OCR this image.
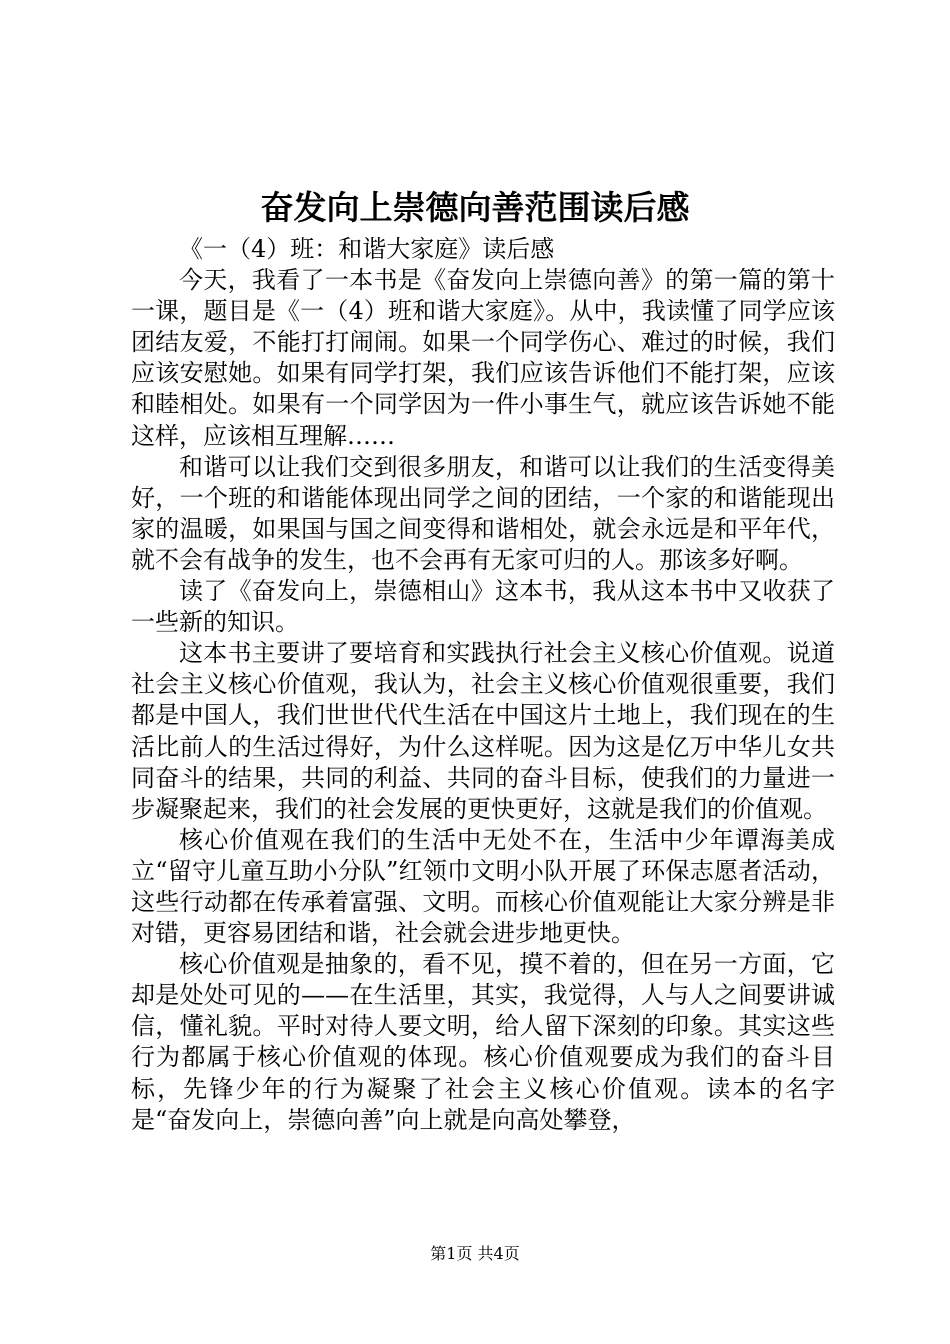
奋发向上崇德向善范围读后感

《一（4）班：和谐大家庭》读后感

今天，我看了一本书是《奋发向上崇德向善》的第一篇的第十一课，题目是《一（4）班和谐大家庭》。从中，我读懂了同学应该团结友爱，不能打打闹闹。如果一个同学伤心、难过的时候，我们应该安慰她。如果有同学打架，我们应该告诉他们不能打架，应该和睦相处。如果有一个同学因为一件小事生气，就应该告诉她不能这样，应该相互理解……

和谐可以让我们交到很多朋友，和谐可以让我们的生活变得美好，一个班的和谐能体现出同学之间的团结，一个家的和谐能现出家的温暖，如果国与国之间变得和谐相处，就会永远是和平年代，就不会有战争的发生，也不会再有无家可归的人。那该多好啊。

读了《奋发向上，崇德相山》这本书，我从这本书中又收获了一些新的知识。

这本书主要讲了要培育和实践执行社会主义核心价值观。说道社会主义核心价值观，我认为，社会主义核心价值观很重要，我们都是中国人，我们世世代代生活在中国这片土地上，我们现在的生活比前人的生活过得好，为什么这样呢。因为这是亿万中华儿女共同奋斗的结果，共同的利益、共同的奋斗目标，使我们的力量进一步凝聚起来，我们的社会发展的更快更好，这就是我们的价值观。

核心价值观在我们的生活中无处不在，生活中少年谭海美成立“留守儿童互助小分队”红领巾文明小队开展了环保志愿者活动，这些行动都在传承着富强、文明。而核心价值观能让大家分辨是非对错，更容易团结和谐，社会就会进步地更快。

核心价值观是抽象的，看不见，摸不着的，但在另一方面，它却是处处可见的——在生活里，其实，我觉得，人与人之间要讲诚信，懂礼貌。平时对待人要文明，给人留下深刻的印象。其实这些行为都属于核心价值观的体现。核心价值观要成为我们的奋斗目标，先锋少年的行为凝聚了社会主义核心价值观。读本的名字是“奋发向上，崇德向善”向上就是向高处攀登，

第1页 共4页
